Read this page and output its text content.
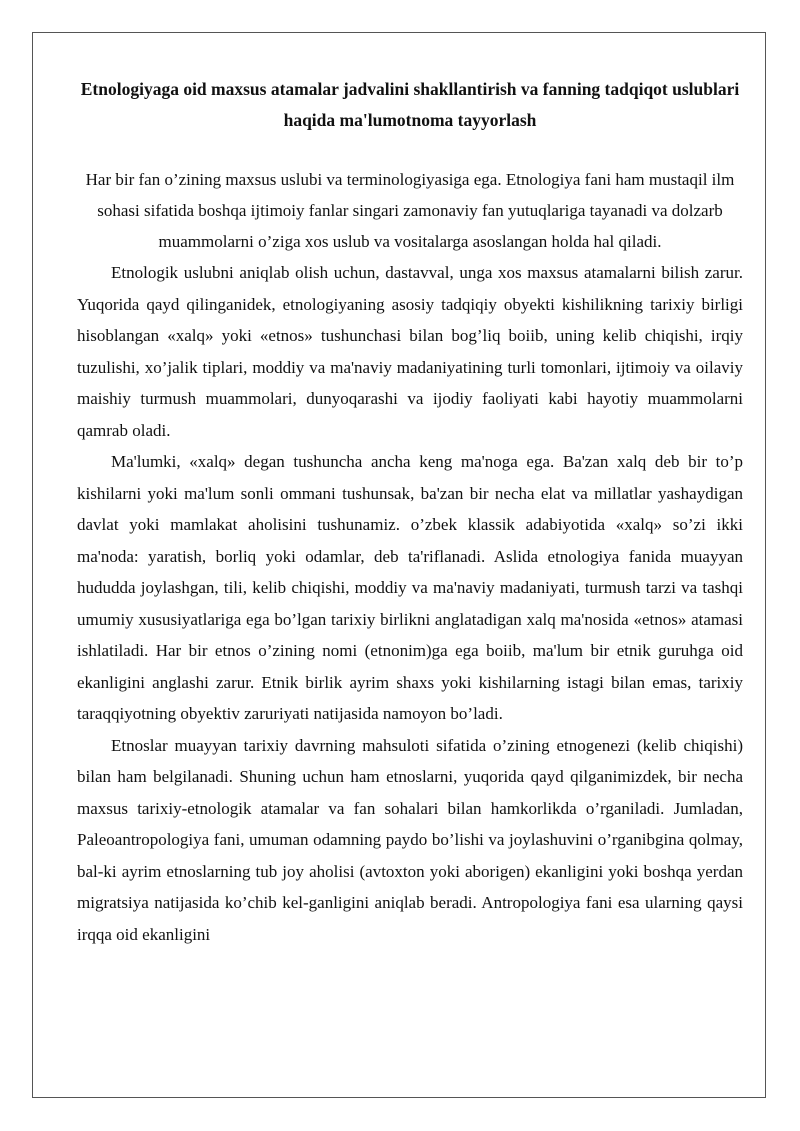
Etnologiyaga oid maxsus atamalar jadvalini shakllantirish va fanning tadqiqot uslublari haqida ma'lumotnoma tayyorlash

Har bir fan o’zining maxsus uslubi va terminologiyasiga ega. Etnologiya fani ham mustaqil ilm sohasi sifatida boshqa ijtimoiy fanlar singari zamonaviy fan yutuqlariga tayanadi va dolzarb muammolarni o’ziga xos uslub va vositalarga asoslangan holda hal qiladi.

Etnologik uslubni aniqlab olish uchun, dastavval, unga xos maxsus atamalarni bilish zarur. Yuqorida qayd qilinganidek, etnologiyaning asosiy tadqiqiy obyekti kishilikning tarixiy birligi hisoblangan «xalq» yoki «etnos» tushunchasi bilan bog’liq boiib, uning kelib chiqishi, irqiy tuzulishi, xo’jalik tiplari, moddiy va ma'naviy madaniyatining turli tomonlari, ijtimoiy va oilaviy maishiy turmush muammolari, dunyoqarashi va ijodiy faoliyati kabi hayotiy muammolarni qamrab oladi.

Ma'lumki, «xalq» degan tushuncha ancha keng ma'noga ega. Ba'zan xalq deb bir to’p kishilarni yoki ma'lum sonli ommani tushunsak, ba'zan bir necha elat va millatlar yashaydigan davlat yoki mamlakat aholisini tushunamiz. o’zbek klassik adabiyotida «xalq» so’zi ikki ma'noda: yaratish, borliq yoki odamlar, deb ta'riflanadi. Aslida etnologiya fanida muayyan hududda joylashgan, tili, kelib chiqishi, moddiy va ma'naviy madaniyati, turmush tarzi va tashqi umumiy xususiyatlariga ega bo’lgan tarixiy birlikni anglatadigan xalq ma'nosida «etnos» atamasi ishlatiladi. Har bir etnos o’zining nomi (etnonim)ga ega boiib, ma'lum bir etnik guruhga oid ekanligini anglashi zarur. Etnik birlik ayrim shaxs yoki kishilarning istagi bilan emas, tarixiy taraqqiyotning obyektiv zaruriyati natijasida namoyon bo’ladi.

Etnoslar muayyan tarixiy davrning mahsuloti sifatida o’zining etnogenezi (kelib chiqishi) bilan ham belgilanadi. Shuning uchun ham etnoslarni, yuqorida qayd qilganimizdek, bir necha maxsus tarixiy-etnologik atamalar va fan sohalari bilan hamkorlikda o’rganiladi. Jumladan, Paleoantropologiya fani, umuman odamning paydo bo’lishi va joylashuvini o’rganibgina qolmay, bal-ki ayrim etnoslarning tub joy aholisi (avtoxton yoki aborigen) ekanligini yoki boshqa yerdan migratsiya natijasida ko’chib kel-ganligini aniqlab beradi. Antropologiya fani esa ularning qaysi irqqa oid ekanligini
